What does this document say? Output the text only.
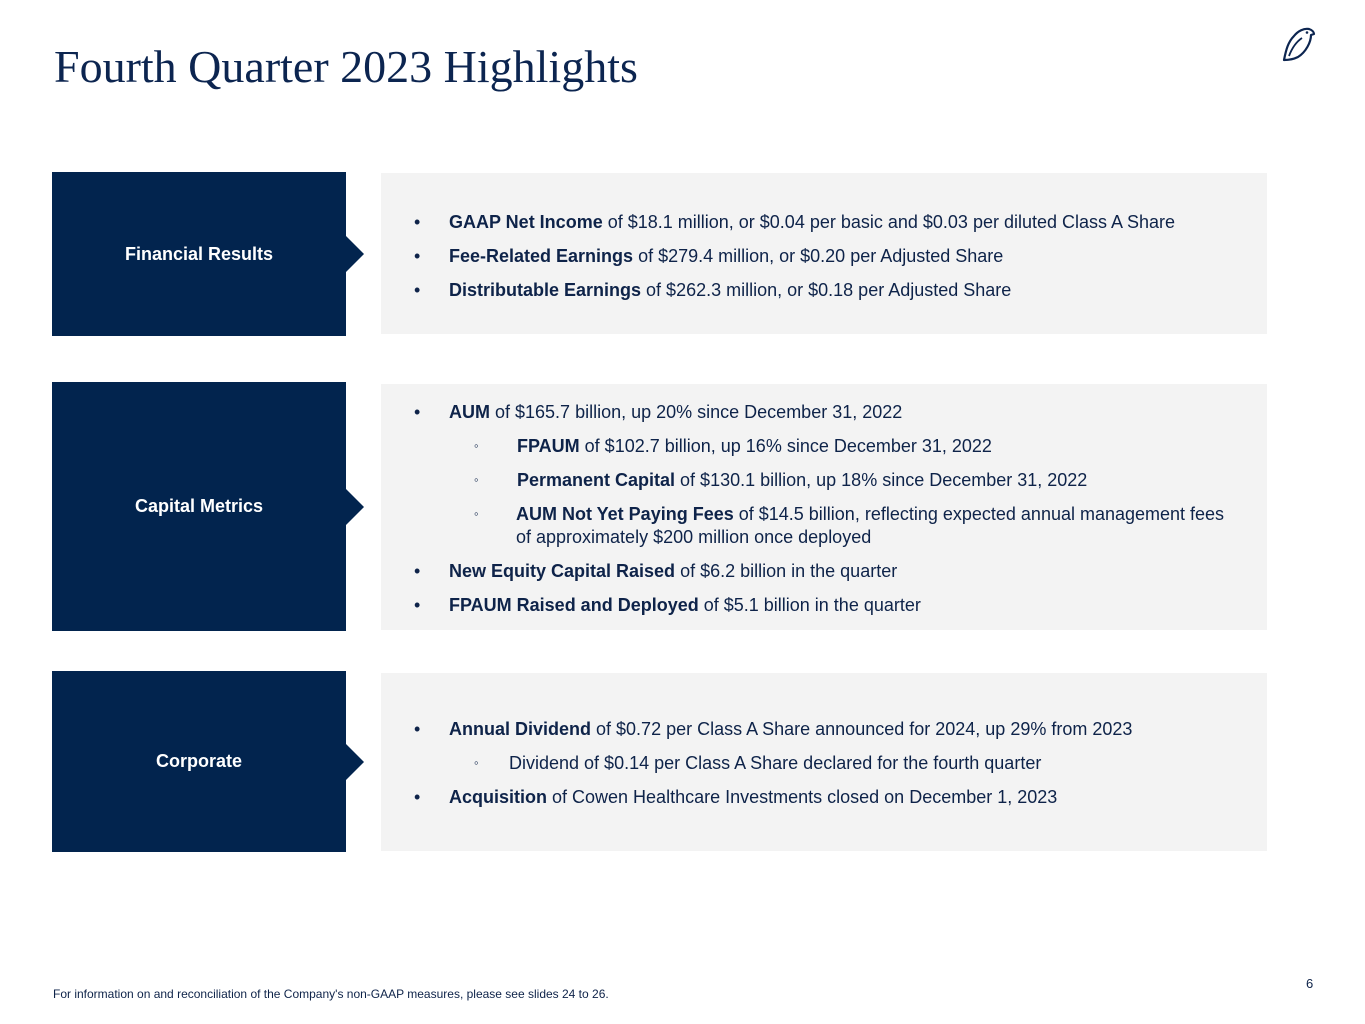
Fourth Quarter 2023 Highlights
Financial Results
• GAAP Net Income of $18.1 million, or $0.04 per basic and $0.03 per diluted Class A Share
• Fee-Related Earnings of $279.4 million, or $0.20 per Adjusted Share
• Distributable Earnings of $262.3 million, or $0.18 per Adjusted Share
Capital Metrics
• AUM of $165.7 billion, up 20% since December 31, 2022
◦ FPAUM of $102.7 billion, up 16% since December 31, 2022
◦ Permanent Capital of $130.1 billion, up 18% since December 31, 2022
◦ AUM Not Yet Paying Fees of $14.5 billion, reflecting expected annual management fees
of approximately $200 million once deployed
• New Equity Capital Raised of $6.2 billion in the quarter
• FPAUM Raised and Deployed of $5.1 billion in the quarter
Corporate
• Annual Dividend of $0.72 per Class A Share announced for 2024, up 29% from 2023
◦ Dividend of $0.14 per Class A Share declared for the fourth quarter
• Acquisition of Cowen Healthcare Investments closed on December 1, 2023
For information on and reconciliation of the Company's non-GAAP measures, please see slides 24 to 26.
6
